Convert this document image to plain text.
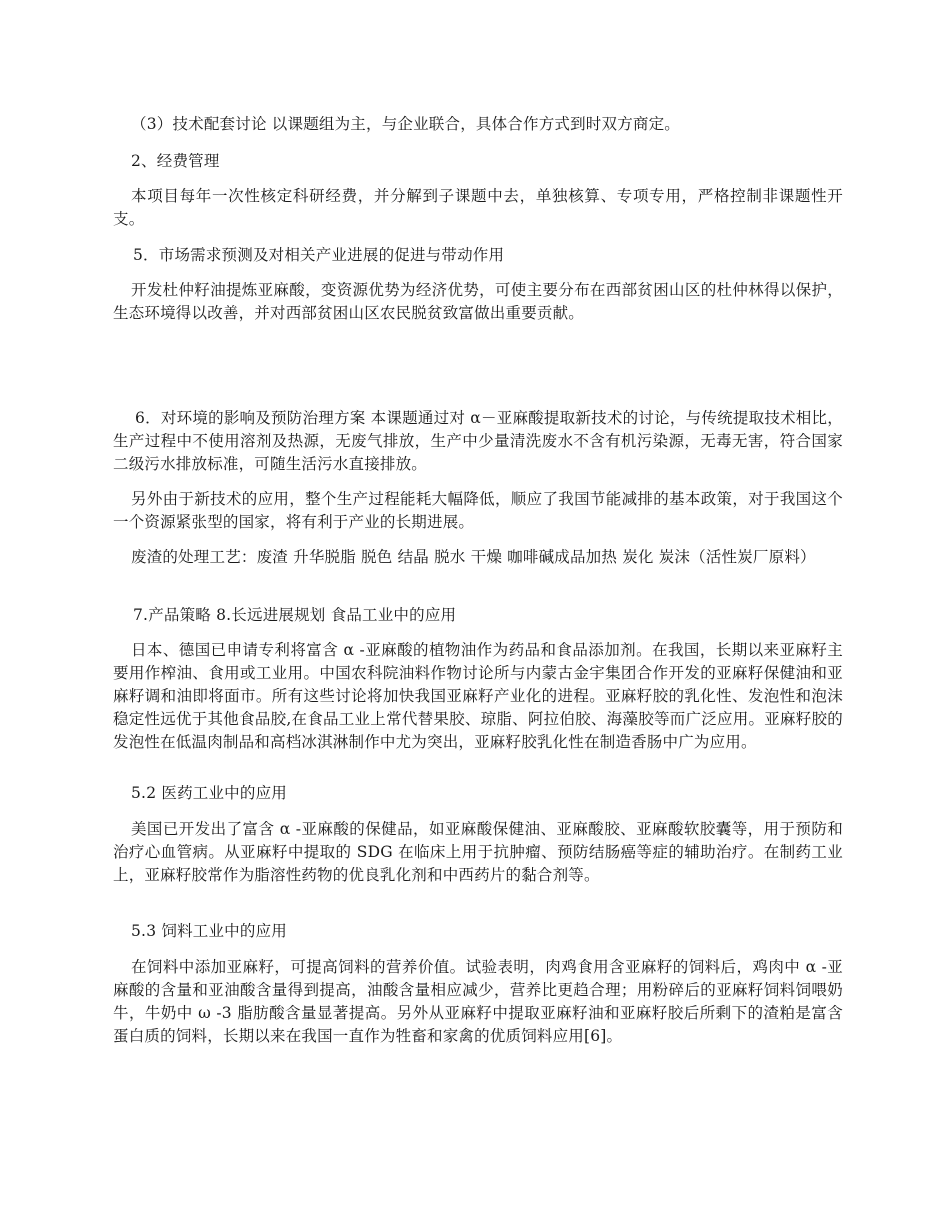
（3）技术配套讨论 以课题组为主，与企业联合，具体合作方式到时双方商定。

2、经费管理

本项目每年一次性核定科研经费，并分解到子课题中去，单独核算、专项专用，严格控制非课题性开支。

5．市场需求预测及对相关产业进展的促进与带动作用

开发杜仲籽油提炼亚麻酸，变资源优势为经济优势，可使主要分布在西部贫困山区的杜仲林得以保护，生态环境得以改善，并对西部贫困山区农民脱贫致富做出重要贡献。

6．对环境的影响及预防治理方案 本课题通过对 α－亚麻酸提取新技术的讨论，与传统提取技术相比，生产过程中不使用溶剂及热源，无废气排放，生产中少量清洗废水不含有机污染源，无毒无害，符合国家二级污水排放标准，可随生活污水直接排放。

另外由于新技术的应用，整个生产过程能耗大幅降低，顺应了我国节能减排的基本政策，对于我国这个一个资源紧张型的国家，将有利于产业的长期进展。

废渣的处理工艺：废渣 升华脱脂 脱色 结晶 脱水 干燥 咖啡碱成品加热 炭化 炭沫（活性炭厂原料）

7.产品策略 8.长远进展规划 食品工业中的应用

日本、德国已申请专利将富含 α -亚麻酸的植物油作为药品和食品添加剂。在我国，长期以来亚麻籽主要用作榨油、食用或工业用。中国农科院油料作物讨论所与内蒙古金宇集团合作开发的亚麻籽保健油和亚麻籽调和油即将面市。所有这些讨论将加快我国亚麻籽产业化的进程。亚麻籽胶的乳化性、发泡性和泡沫稳定性远优于其他食品胶,在食品工业上常代替果胶、琼脂、阿拉伯胶、海藻胶等而广泛应用。亚麻籽胶的发泡性在低温肉制品和高档冰淇淋制作中尤为突出，亚麻籽胶乳化性在制造香肠中广为应用。

5.2 医药工业中的应用

美国已开发出了富含 α -亚麻酸的保健品，如亚麻酸保健油、亚麻酸胶、亚麻酸软胶囊等，用于预防和治疗心血管病。从亚麻籽中提取的 SDG 在临床上用于抗肿瘤、预防结肠癌等症的辅助治疗。在制药工业上，亚麻籽胶常作为脂溶性药物的优良乳化剂和中西药片的黏合剂等。

5.3 饲料工业中的应用

在饲料中添加亚麻籽，可提高饲料的营养价值。试验表明，肉鸡食用含亚麻籽的饲料后，鸡肉中 α -亚麻酸的含量和亚油酸含量得到提高，油酸含量相应减少，营养比更趋合理；用粉碎后的亚麻籽饲料饲喂奶牛，牛奶中 ω -3 脂肪酸含量显著提高。另外从亚麻籽中提取亚麻籽油和亚麻籽胶后所剩下的渣粕是富含蛋白质的饲料，长期以来在我国一直作为牲畜和家禽的优质饲料应用[6]。
